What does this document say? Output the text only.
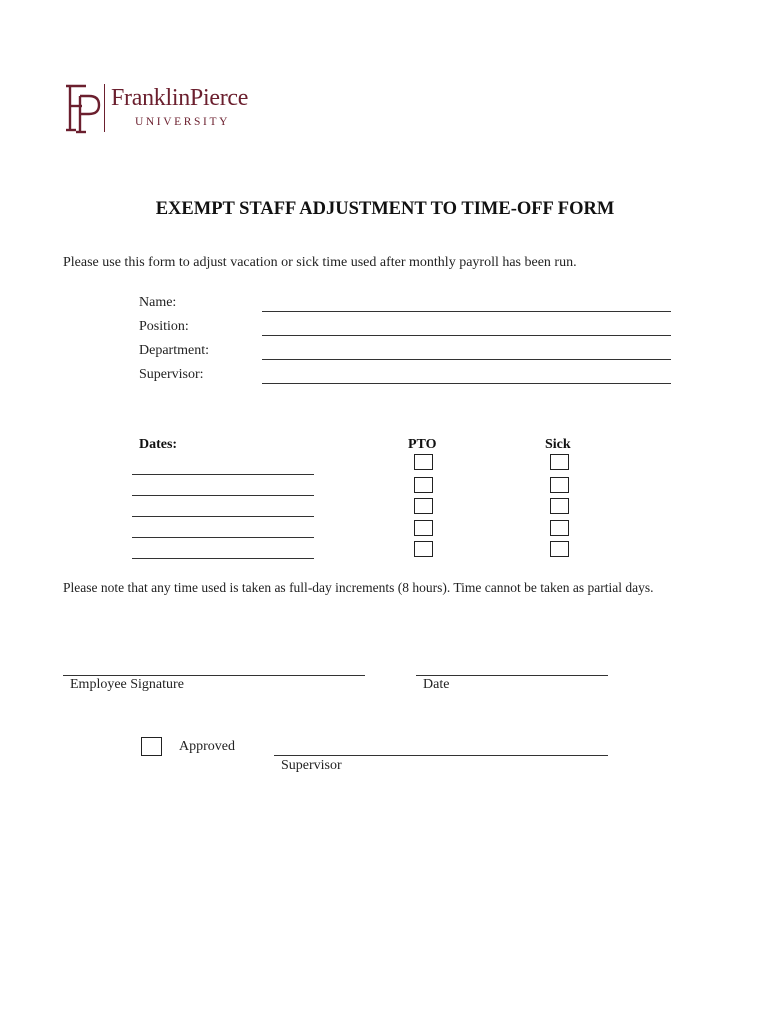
FranklinPierce
UNIVERSITY
EXEMPT STAFF ADJUSTMENT TO TIME-OFF FORM
Please use this form to adjust vacation or sick time used after monthly payroll has been run.
Name:
Position:
Department:
Supervisor:
Dates:	PTO	Sick
Please note that any time used is taken as full-day increments (8 hours). Time cannot be taken as partial days.
Employee Signature	Date
Approved
Supervisor
